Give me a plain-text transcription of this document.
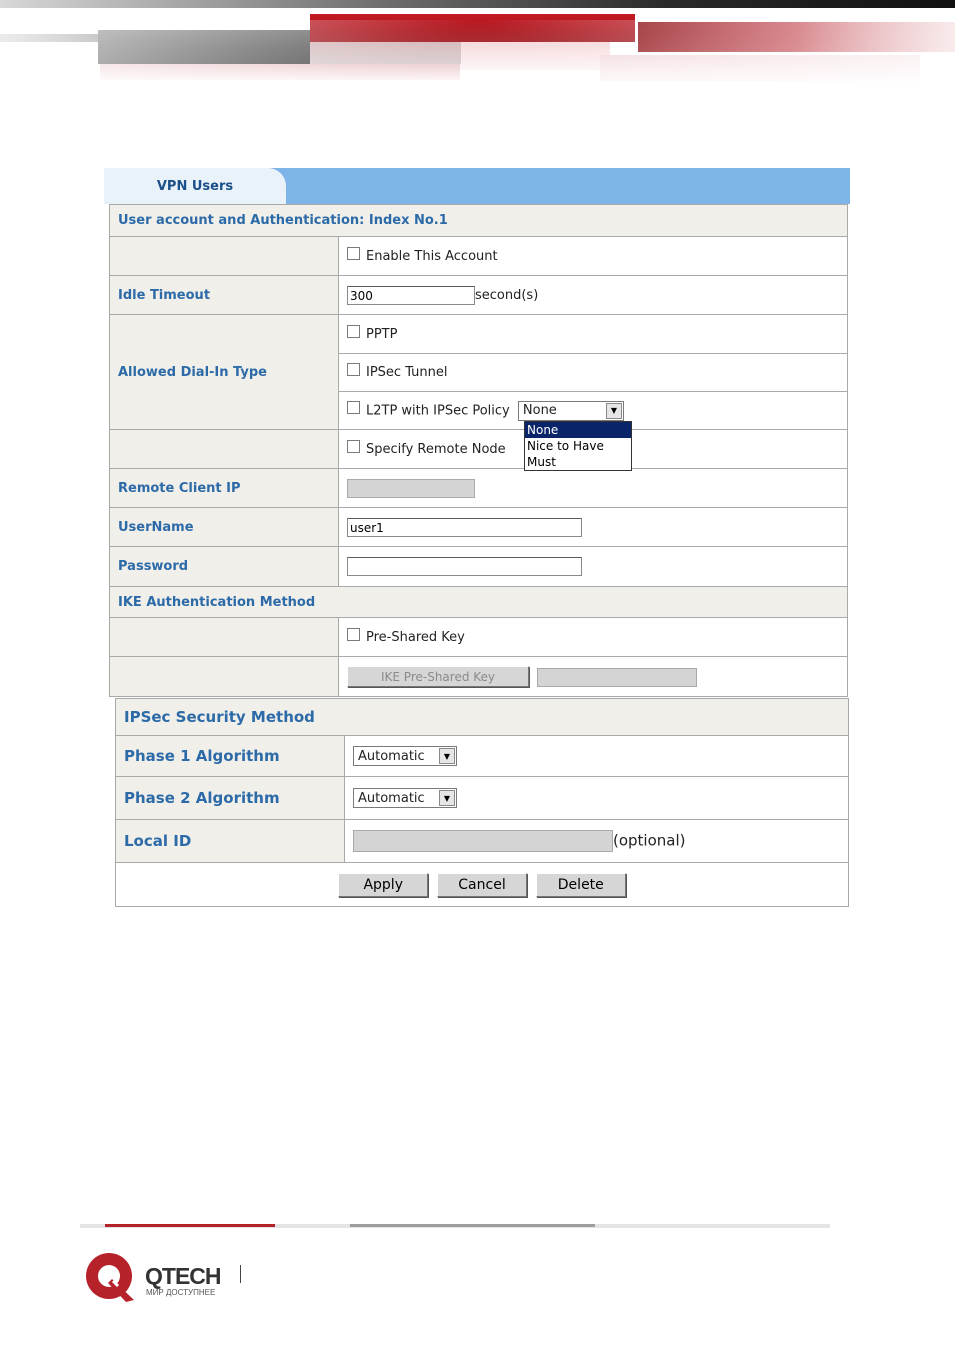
VPN Users
User account and Authentication: Index No.1	
	Enable This Account
Idle Timeout	300 second(s)
Allowed Dial-In Type	PPTP
	IPSec Tunnel
	L2TP with IPSec Policy None ▼

	Specify Remote Node
Remote Client IP	
UserName	user1
Password	
IKE Authentication Method	
	Pre-Shared Key
	IKE Pre-Shared Key
IPSec Security Method	
Phase 1 Algorithm	Automatic ▼

Phase 2 Algorithm	Automatic ▼

Local ID	(optional)
Apply Cancel Delete	
None
Nice to Have
Must
QTECH
МИР ДОСТУПНЕЕ
